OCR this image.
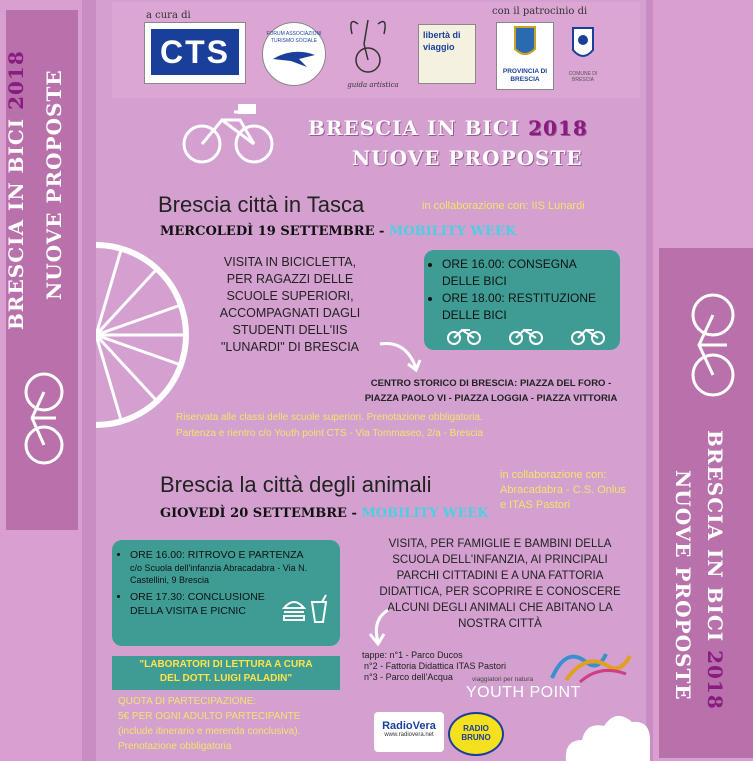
BRESCIA IN BICI 2018 NUOVE PROPOSTE
BRESCIA IN BICI 2018
NUOVE PROPOSTE
a cura di	con il patrocinio di
CTS	FORUM ASSOCIAZIONI TURISMO SOCIALE
guida artistica
libertà di viaggio
PROVINCIA DI BRESCIA
COMUNE DI BRESCIA
BRESCIA IN BICI 2018
NUOVE PROPOSTE
Brescia città in Tasca	in collaborazione con: IIS Lunardi
MERCOLEDÌ 19 SETTEMBRE - MOBILITY WEEK
VISITA IN BICICLETTA,
PER RAGAZZI DELLE
SCUOLE SUPERIORI,
ACCOMPAGNATI DAGLI
STUDENTI DELL'IIS
"LUNARDI" DI BRESCIA
• ORE 16.00: CONSEGNA DELLE BICI
• ORE 18.00: RESTITUZIONE DELLE BICI
CENTRO STORICO DI BRESCIA: PIAZZA DEL FORO -
PIAZZA PAOLO VI - PIAZZA LOGGIA - PIAZZA VITTORIA
Riservata alle classi delle scuole superiori. Prenotazione obbligatoria.
Partenza e rientro c/o Youth point CTS - Via Tommaseo, 2/a - Brescia
Brescia la città degli animali	in collaborazione con:
Abracadabra - C.S. Onlus
e ITAS Pastori
GIOVEDÌ 20 SETTEMBRE - MOBILITY WEEK
• ORE 16.00: RITROVO E PARTENZA
c/o Scuola dell'infanzia Abracadabra - Via N. Castellini, 9 Brescia
• ORE 17.30: CONCLUSIONE DELLA VISITA E PICNIC
VISITA, PER FAMIGLIE E BAMBINI DELLA
SCUOLA DELL'INFANZIA, AI PRINCIPALI
PARCHI CITTADINI E A UNA FATTORIA
DIDATTICA, PER SCOPRIRE E CONOSCERE
ALCUNI DEGLI ANIMALI CHE ABITANO LA
NOSTRA CITTÀ
tappe: n°1 - Parco Ducos
n°2 - Fattoria Didattica ITAS Pastori
n°3 - Parco dell'Acqua
"LABORATORI DI LETTURA A CURA
DEL DOTT. LUIGI PALADIN"
QUOTA DI PARTECIPAZIONE:
5€ PER OGNI ADULTO PARTECIPANTE
(include itinerario e merenda conclusiva).
Prenotazione obbligatoria
viaggiatori per natura
YOUTH POINT
RadioVera
www.radiovera.net
RADIO BRUNO
